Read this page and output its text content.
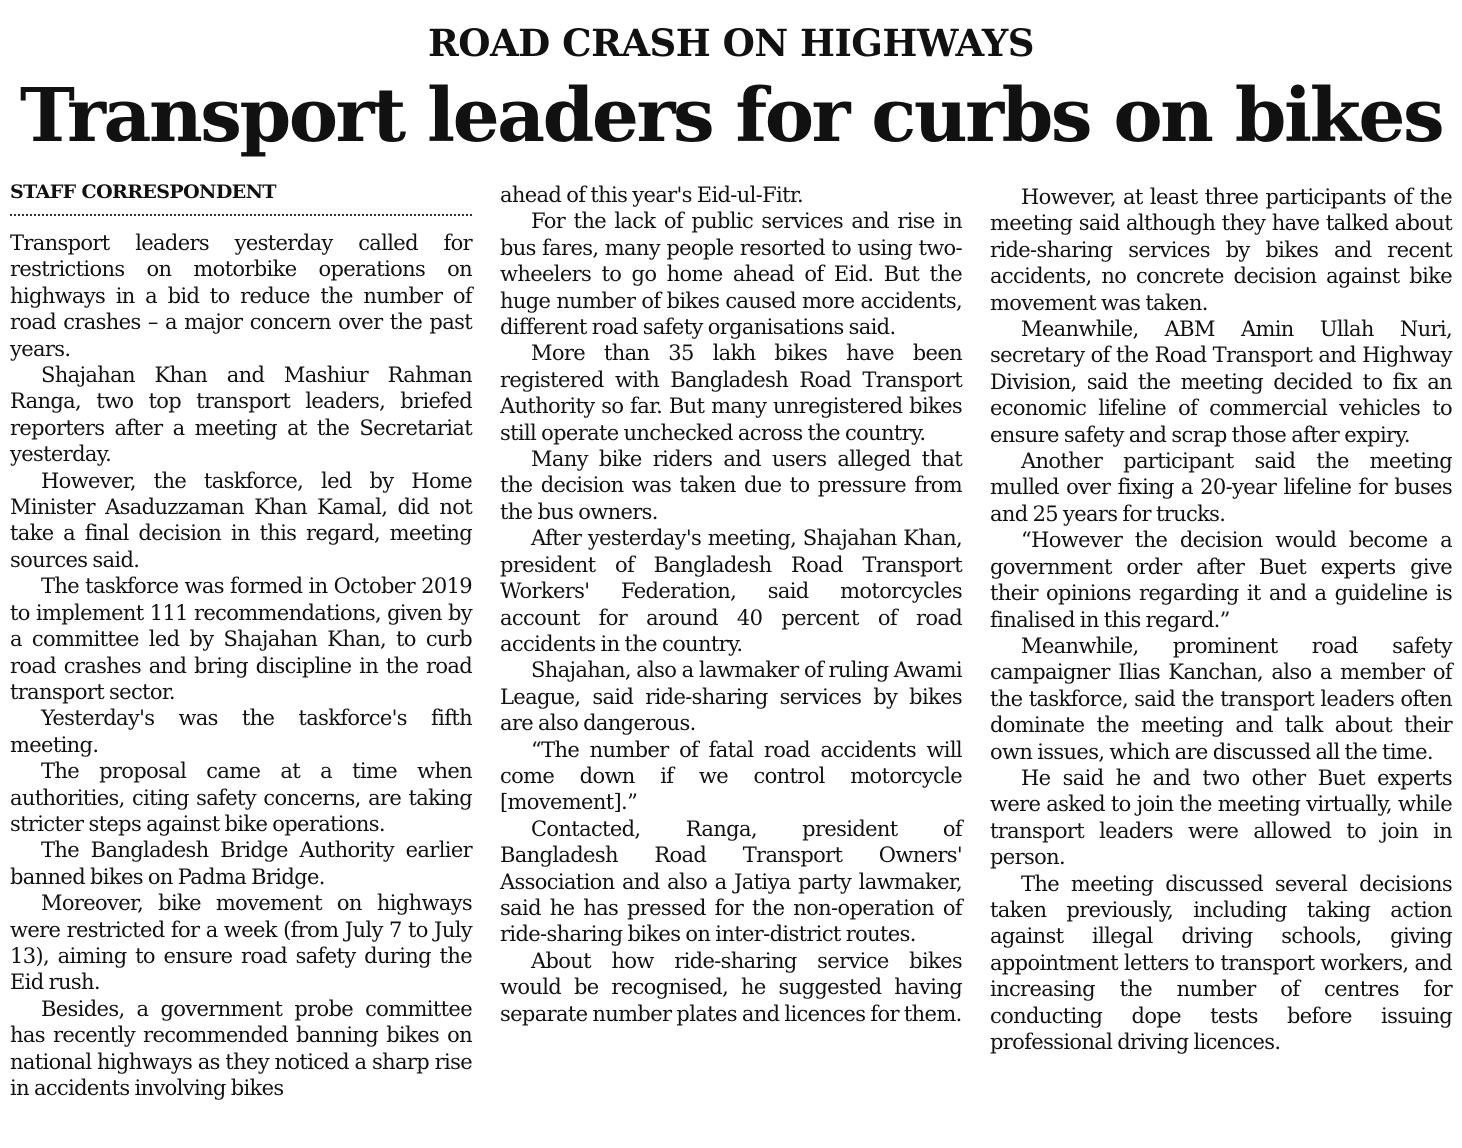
ROAD CRASH ON HIGHWAYS
Transport leaders for curbs on bikes
STAFF CORRESPONDENT

Transport leaders yesterday called for restrictions on motorbike operations on highways in a bid to reduce the number of road crashes – a major concern over the past years.

Shajahan Khan and Mashiur Rahman Ranga, two top transport leaders, briefed reporters after a meeting at the Secretariat yesterday.

However, the taskforce, led by Home Minister Asaduzzaman Khan Kamal, did not take a final decision in this regard, meeting sources said.

The taskforce was formed in October 2019 to implement 111 recommendations, given by a committee led by Shajahan Khan, to curb road crashes and bring discipline in the road transport sector.

Yesterday's was the taskforce's fifth meeting.

The proposal came at a time when authorities, citing safety concerns, are taking stricter steps against bike operations.

The Bangladesh Bridge Authority earlier banned bikes on Padma Bridge.

Moreover, bike movement on highways were restricted for a week (from July 7 to July 13), aiming to ensure road safety during the Eid rush.

Besides, a government probe committee has recently recommended banning bikes on national highways as they noticed a sharp rise in accidents involving bikes

ahead of this year's Eid-ul-Fitr.

For the lack of public services and rise in bus fares, many people resorted to using two-wheelers to go home ahead of Eid. But the huge number of bikes caused more accidents, different road safety organisations said.

More than 35 lakh bikes have been registered with Bangladesh Road Transport Authority so far. But many unregistered bikes still operate unchecked across the country.

Many bike riders and users alleged that the decision was taken due to pressure from the bus owners.

After yesterday's meeting, Shajahan Khan, president of Bangladesh Road Transport Workers' Federation, said motorcycles account for around 40 percent of road accidents in the country.

Shajahan, also a lawmaker of ruling Awami League, said ride-sharing services by bikes are also dangerous.

“The number of fatal road accidents will come down if we control motorcycle [movement].”

Contacted, Ranga, president of Bangladesh Road Transport Owners' Association and also a Jatiya party lawmaker, said he has pressed for the non-operation of ride-sharing bikes on inter-district routes.

About how ride-sharing service bikes would be recognised, he suggested having separate number plates and licences for them.

However, at least three participants of the meeting said although they have talked about ride-sharing services by bikes and recent accidents, no concrete decision against bike movement was taken.

Meanwhile, ABM Amin Ullah Nuri, secretary of the Road Transport and Highway Division, said the meeting decided to fix an economic lifeline of commercial vehicles to ensure safety and scrap those after expiry.

Another participant said the meeting mulled over fixing a 20-year lifeline for buses and 25 years for trucks.

“However the decision would become a government order after Buet experts give their opinions regarding it and a guideline is finalised in this regard.”

Meanwhile, prominent road safety campaigner Ilias Kanchan, also a member of the taskforce, said the transport leaders often dominate the meeting and talk about their own issues, which are discussed all the time.

He said he and two other Buet experts were asked to join the meeting virtually, while transport leaders were allowed to join in person.

The meeting discussed several decisions taken previously, including taking action against illegal driving schools, giving appointment letters to transport workers, and increasing the number of centres for conducting dope tests before issuing professional driving licences.
